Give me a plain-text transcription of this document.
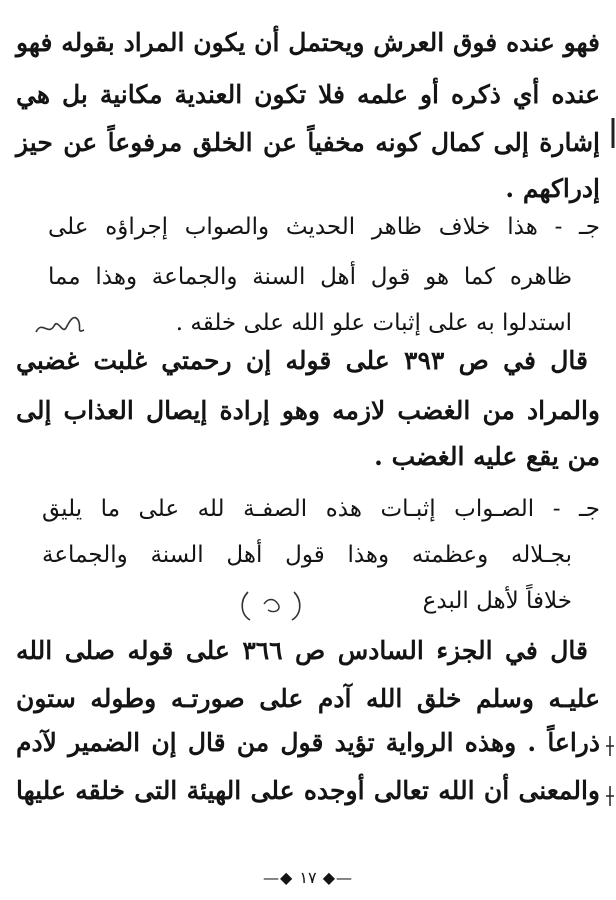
فهو عنده فوق العرش ويحتمل أن يكون المراد بقوله فهو
عنده أي ذكره أو علمه فلا تكون العندية مكانية بل هي
إشارة إلى كمال كونه مخفياً عن الخلق مرفوعاً عن حيز
إدراكهم .
جـ - هذا خلاف ظاهر الحديث والصواب إجراؤه على
ظاهره كما هو قول أهل السنة والجماعة وهذا مما
استدلوا به على إثبات علو الله على خلقه .
قال في ص ٣٩٣ على قوله إن رحمتي غلبت غضبي
والمراد من الغضب لازمه وهو إرادة إيصال العذاب إلى
من يقع عليه الغضب .
جـ - الصـواب إثبـات هذه الصفـة لله على ما يليق
بجـلاله وعظمته وهذا قول أهل السنة والجماعة
خلافاً لأهل البدع
قال في الجزء السادس ص ٣٦٦ على قوله صلى الله
عليـه وسلم خلق الله آدم على صورتـه وطوله ستون
ذراعاً . وهذه الرواية تؤيد قول من قال إن الضمير لآدم
والمعنى أن الله تعالى أوجده على الهيئة التى خلقه عليها
—◆ ١٧ ◆—
